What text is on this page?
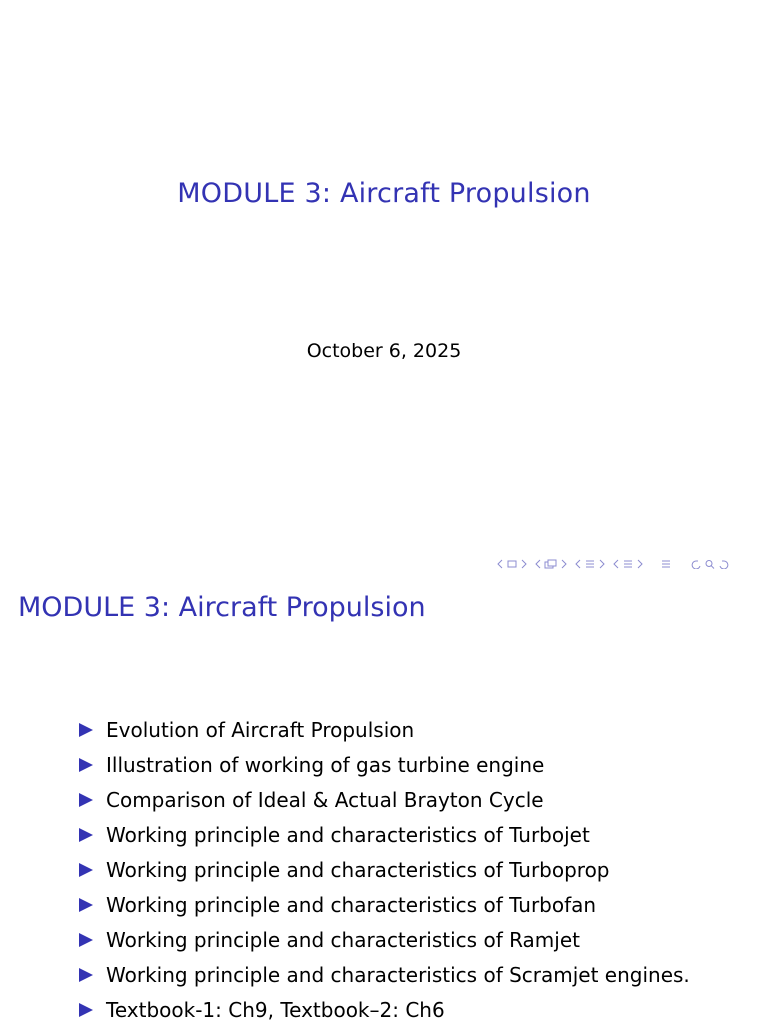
MODULE 3: Aircraft Propulsion
October 6, 2025
MODULE 3: Aircraft Propulsion
Evolution of Aircraft Propulsion
Illustration of working of gas turbine engine
Comparison of Ideal & Actual Brayton Cycle
Working principle and characteristics of Turbojet
Working principle and characteristics of Turboprop
Working principle and characteristics of Turbofan
Working principle and characteristics of Ramjet
Working principle and characteristics of Scramjet engines.
Textbook-1: Ch9, Textbook–2: Ch6
